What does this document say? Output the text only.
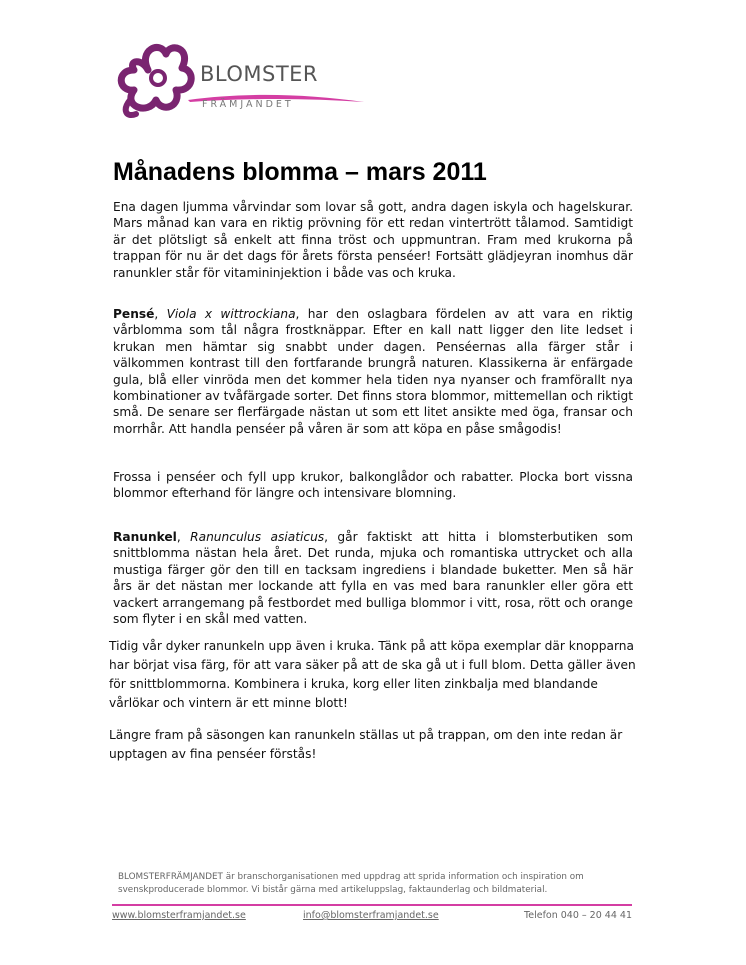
BLOMSTER
FRÄMJANDET
Månadens blomma – mars 2011

Ena dagen ljumma vårvindar som lovar så gott, andra dagen iskyla och hagelskurar. Mars månad kan vara en riktig prövning för ett redan vintertrött tålamod. Samtidigt är det plötsligt så enkelt att finna tröst och uppmuntran. Fram med krukorna på trappan för nu är det dags för årets första penséer! Fortsätt glädjeyran inomhus där ranunkler står för vitamininjektion i både vas och kruka.

Pensé, Viola x wittrockiana, har den oslagbara fördelen av att vara en riktig vårblomma som tål några frostknäppar. Efter en kall natt ligger den lite ledset i krukan men hämtar sig snabbt under dagen. Penséernas alla färger står i välkommen kontrast till den fortfarande brungrå naturen. Klassikerna är enfärgade gula, blå eller vinröda men det kommer hela tiden nya nyanser och framförallt nya kombinationer av tvåfärgade sorter. Det finns stora blommor, mittemellan och riktigt små. De senare ser flerfärgade nästan ut som ett litet ansikte med öga, fransar och morrhår. Att handla penséer på våren är som att köpa en påse smågodis!

Frossa i penséer och fyll upp krukor, balkonglådor och rabatter. Plocka bort vissna blommor efterhand för längre och intensivare blomning.

Ranunkel, Ranunculus asiaticus, går faktiskt att hitta i blomsterbutiken som snittblomma nästan hela året. Det runda, mjuka och romantiska uttrycket och alla mustiga färger gör den till en tacksam ingrediens i blandade buketter. Men så här års är det nästan mer lockande att fylla en vas med bara ranunkler eller göra ett vackert arrangemang på festbordet med bulliga blommor i vitt, rosa, rött och orange som flyter i en skål med vatten.

Tidig vår dyker ranunkeln upp även i kruka. Tänk på att köpa exemplar där knopparna har börjat visa färg, för att vara säker på att de ska gå ut i full blom. Detta gäller även för snittblommorna. Kombinera i kruka, korg eller liten zinkbalja med blandande vårlökar och vintern är ett minne blott!

Längre fram på säsongen kan ranunkeln ställas ut på trappan, om den inte redan är upptagen av fina penséer förstås!

BLOMSTERFRÄMJANDET är branschorganisationen med uppdrag att sprida information och inspiration om svenskproducerade blommor. Vi bistår gärna med artikeluppslag, faktaunderlag och bildmaterial.

www.blomsterframjandet.se	info@blomsterframjandet.se	Telefon 040 – 20 44 41
